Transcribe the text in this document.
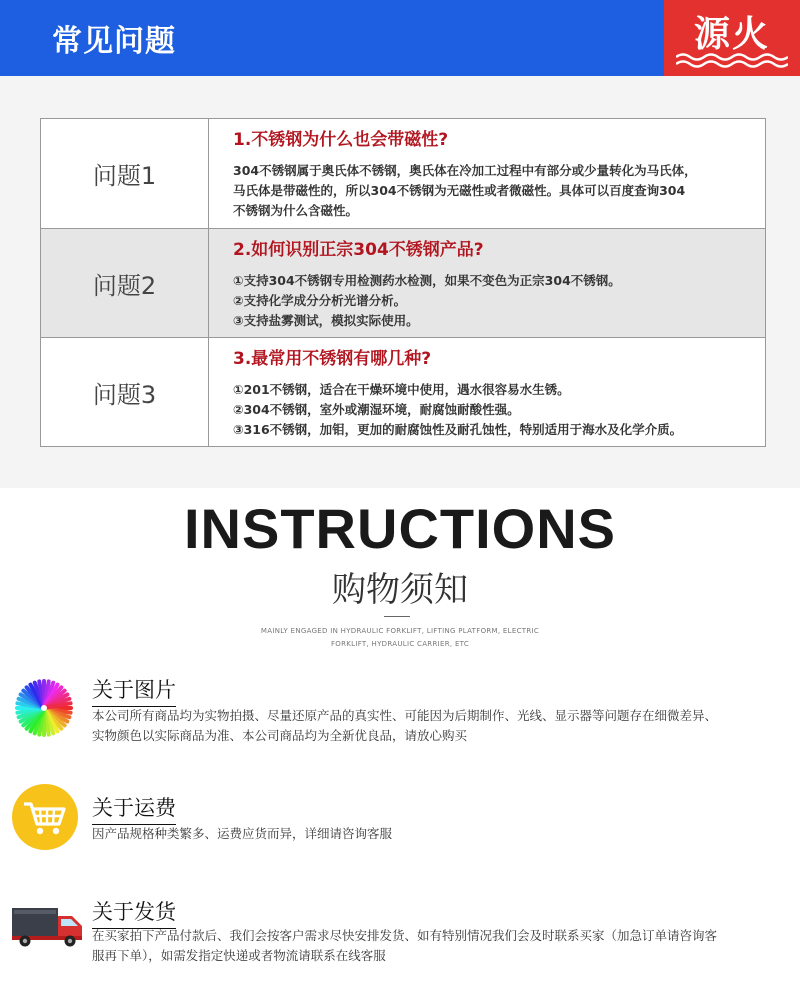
常见问题	源火
问题1
1.不锈钢为什么也会带磁性?
304不锈钢属于奥氏体不锈钢，奥氏体在冷加工过程中有部分或少量转化为马氏体，
马氏体是带磁性的，所以304不锈钢为无磁性或者微磁性。具体可以百度查询304
不锈钢为什么含磁性。
问题2
2.如何识别正宗304不锈钢产品?
①支持304不锈钢专用检测药水检测，如果不变色为正宗304不锈钢。
②支持化学成分分析光谱分析。
③支持盐雾测试，模拟实际使用。
问题3
3.最常用不锈钢有哪几种?
①201不锈钢，适合在干燥环境中使用，遇水很容易水生锈。
②304不锈钢，室外或潮湿环境，耐腐蚀耐酸性强。
③316不锈钢，加钼，更加的耐腐蚀性及耐孔蚀性，特别适用于海水及化学介质。
INSTRUCTIONS
购物须知
MAINLY ENGAGED IN HYDRAULIC FORKLIFT, LIFTING PLATFORM, ELECTRIC
FORKLIFT, HYDRAULIC CARRIER, ETC
关于图片
本公司所有商品均为实物拍摄、尽量还原产品的真实性、可能因为后期制作、光线、显示器等问题存在细微差异、
实物颜色以实际商品为准、本公司商品均为全新优良品，请放心购买
关于运费
因产品规格种类繁多、运费应货而异，详细请咨询客服
关于发货
在买家拍下产品付款后、我们会按客户需求尽快安排发货、如有特别情况我们会及时联系买家（加急订单请咨询客
服再下单），如需发指定快递或者物流请联系在线客服
